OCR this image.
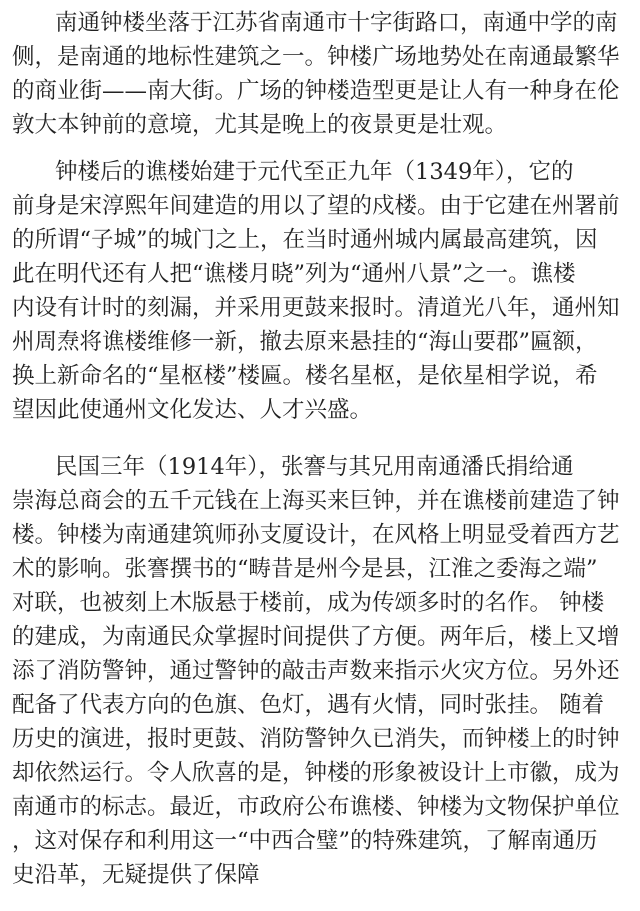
南通钟楼坐落于江苏省南通市十字街路口，南通中学的南
侧，是南通的地标性建筑之一。钟楼广场地势处在南通最繁华
的商业街——南大街。广场的钟楼造型更是让人有一种身在伦
敦大本钟前的意境，尤其是晚上的夜景更是壮观。
钟楼后的谯楼始建于元代至正九年（1349年），它的
前身是宋淳熙年间建造的用以了望的戍楼。由于它建在州署前
的所谓“子城”的城门之上，在当时通州城内属最高建筑，因
此在明代还有人把“谯楼月晓”列为“通州八景”之一。谯楼
内设有计时的刻漏，并采用更鼓来报时。清道光八年，通州知
州周焘将谯楼维修一新，撤去原来悬挂的“海山要郡”匾额，
换上新命名的“星枢楼”楼匾。楼名星枢，是依星相学说，希
望因此使通州文化发达、人才兴盛。
民国三年（1914年），张謇与其兄用南通潘氏捐给通
崇海总商会的五千元钱在上海买来巨钟，并在谯楼前建造了钟
楼。钟楼为南通建筑师孙支厦设计，在风格上明显受着西方艺
术的影响。张謇撰书的“畴昔是州今是县，江淮之委海之端”
对联，也被刻上木版悬于楼前，成为传颂多时的名作。 钟楼
的建成，为南通民众掌握时间提供了方便。两年后，楼上又增
添了消防警钟，通过警钟的敲击声数来指示火灾方位。另外还
配备了代表方向的色旗、色灯，遇有火情，同时张挂。 随着
历史的演进，报时更鼓、消防警钟久已消失，而钟楼上的时钟
却依然运行。令人欣喜的是，钟楼的形象被设计上市徽，成为
南通市的标志。最近，市政府公布谯楼、钟楼为文物保护单位
，这对保存和利用这一“中西合璧”的特殊建筑，了解南通历
史沿革，无疑提供了保障
